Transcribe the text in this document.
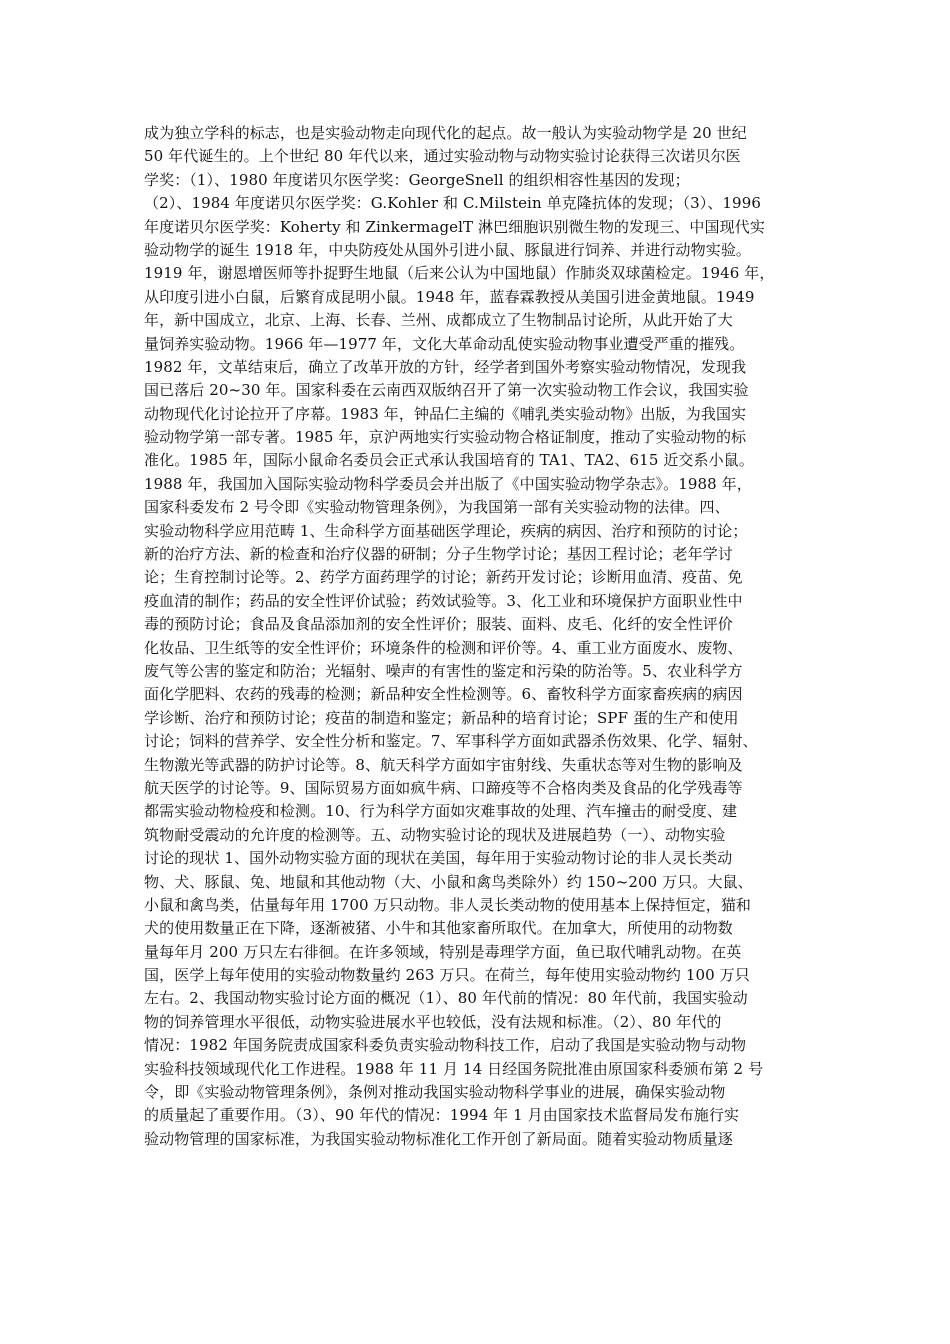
成为独立学科的标志，也是实验动物走向现代化的起点。故一般认为实验动物学是 20 世纪
50 年代诞生的。上个世纪 80 年代以来，通过实验动物与动物实验讨论获得三次诺贝尔医
学奖：（1）、1980 年度诺贝尔医学奖：GeorgeSnell 的组织相容性基因的发现；
（2）、1984 年度诺贝尔医学奖：G.Kohler 和 C.Milstein 单克隆抗体的发现；（3）、1996
年度诺贝尔医学奖：Koherty 和 ZinkermagelT 淋巴细胞识别微生物的发现三、中国现代实
验动物学的诞生 1918 年，中央防疫处从国外引进小鼠、豚鼠进行饲养、并进行动物实验。
1919 年，谢恩增医师等扑捉野生地鼠（后来公认为中国地鼠）作肺炎双球菌检定。1946 年，
从印度引进小白鼠，后繁育成昆明小鼠。1948 年，蓝春霖教授从美国引进金黄地鼠。1949
年，新中国成立，北京、上海、长春、兰州、成都成立了生物制品讨论所，从此开始了大
量饲养实验动物。1966 年—1977 年，文化大革命动乱使实验动物事业遭受严重的摧残。
1982 年，文革结束后，确立了改革开放的方针，经学者到国外考察实验动物情况，发现我
国已落后 20~30 年。国家科委在云南西双版纳召开了第一次实验动物工作会议，我国实验
动物现代化讨论拉开了序幕。1983 年，钟品仁主编的《哺乳类实验动物》出版，为我国实
验动物学第一部专著。1985 年，京沪两地实行实验动物合格证制度，推动了实验动物的标
准化。1985 年，国际小鼠命名委员会正式承认我国培育的 TA1、TA2、615 近交系小鼠。
1988 年，我国加入国际实验动物科学委员会并出版了《中国实验动物学杂志》。1988 年，
国家科委发布 2 号令即《实验动物管理条例》，为我国第一部有关实验动物的法律。四、
实验动物科学应用范畴 1、生命科学方面基础医学理论，疾病的病因、治疗和预防的讨论；
新的治疗方法、新的检查和治疗仪器的研制；分子生物学讨论；基因工程讨论；老年学讨
论；生育控制讨论等。2、药学方面药理学的讨论；新药开发讨论；诊断用血清、疫苗、免
疫血清的制作；药品的安全性评价试验；药效试验等。3、化工业和环境保护方面职业性中
毒的预防讨论；食品及食品添加剂的安全性评价；服装、面料、皮毛、化纤的安全性评价
化妆品、卫生纸等的安全性评价；环境条件的检测和评价等。4、重工业方面废水、废物、
废气等公害的鉴定和防治；光辐射、噪声的有害性的鉴定和污染的防治等。5、农业科学方
面化学肥料、农药的残毒的检测；新品种安全性检测等。6、畜牧科学方面家畜疾病的病因
学诊断、治疗和预防讨论；疫苗的制造和鉴定；新品种的培育讨论；SPF 蛋的生产和使用
讨论；饲料的营养学、安全性分析和鉴定。7、军事科学方面如武器杀伤效果、化学、辐射、
生物激光等武器的防护讨论等。8、航天科学方面如宇宙射线、失重状态等对生物的影响及
航天医学的讨论等。9、国际贸易方面如疯牛病、口蹄疫等不合格肉类及食品的化学残毒等
都需实验动物检疫和检测。10、行为科学方面如灾难事故的处理、汽车撞击的耐受度、建
筑物耐受震动的允许度的检测等。五、动物实验讨论的现状及进展趋势（一）、动物实验
讨论的现状 1、国外动物实验方面的现状在美国，每年用于实验动物讨论的非人灵长类动
物、犬、豚鼠、兔、地鼠和其他动物（大、小鼠和禽鸟类除外）约 150~200 万只。大鼠、
小鼠和禽鸟类，估量每年用 1700 万只动物。非人灵长类动物的使用基本上保持恒定，猫和
犬的使用数量正在下降，逐渐被猪、小牛和其他家畜所取代。在加拿大，所使用的动物数
量每年月 200 万只左右徘徊。在许多领域，特别是毒理学方面，鱼已取代哺乳动物。在英
国，医学上每年使用的实验动物数量约 263 万只。在荷兰，每年使用实验动物约 100 万只
左右。2、我国动物实验讨论方面的概况（1）、80 年代前的情况：80 年代前，我国实验动
物的饲养管理水平很低，动物实验进展水平也较低，没有法规和标准。（2）、80 年代的
情况：1982 年国务院责成国家科委负责实验动物科技工作，启动了我国是实验动物与动物
实验科技领域现代化工作进程。1988 年 11 月 14 日经国务院批准由原国家科委颁布第 2 号
令，即《实验动物管理条例》，条例对推动我国实验动物科学事业的进展，确保实验动物
的质量起了重要作用。（3）、90 年代的情况：1994 年 1 月由国家技术监督局发布施行实
验动物管理的国家标准，为我国实验动物标准化工作开创了新局面。随着实验动物质量逐
